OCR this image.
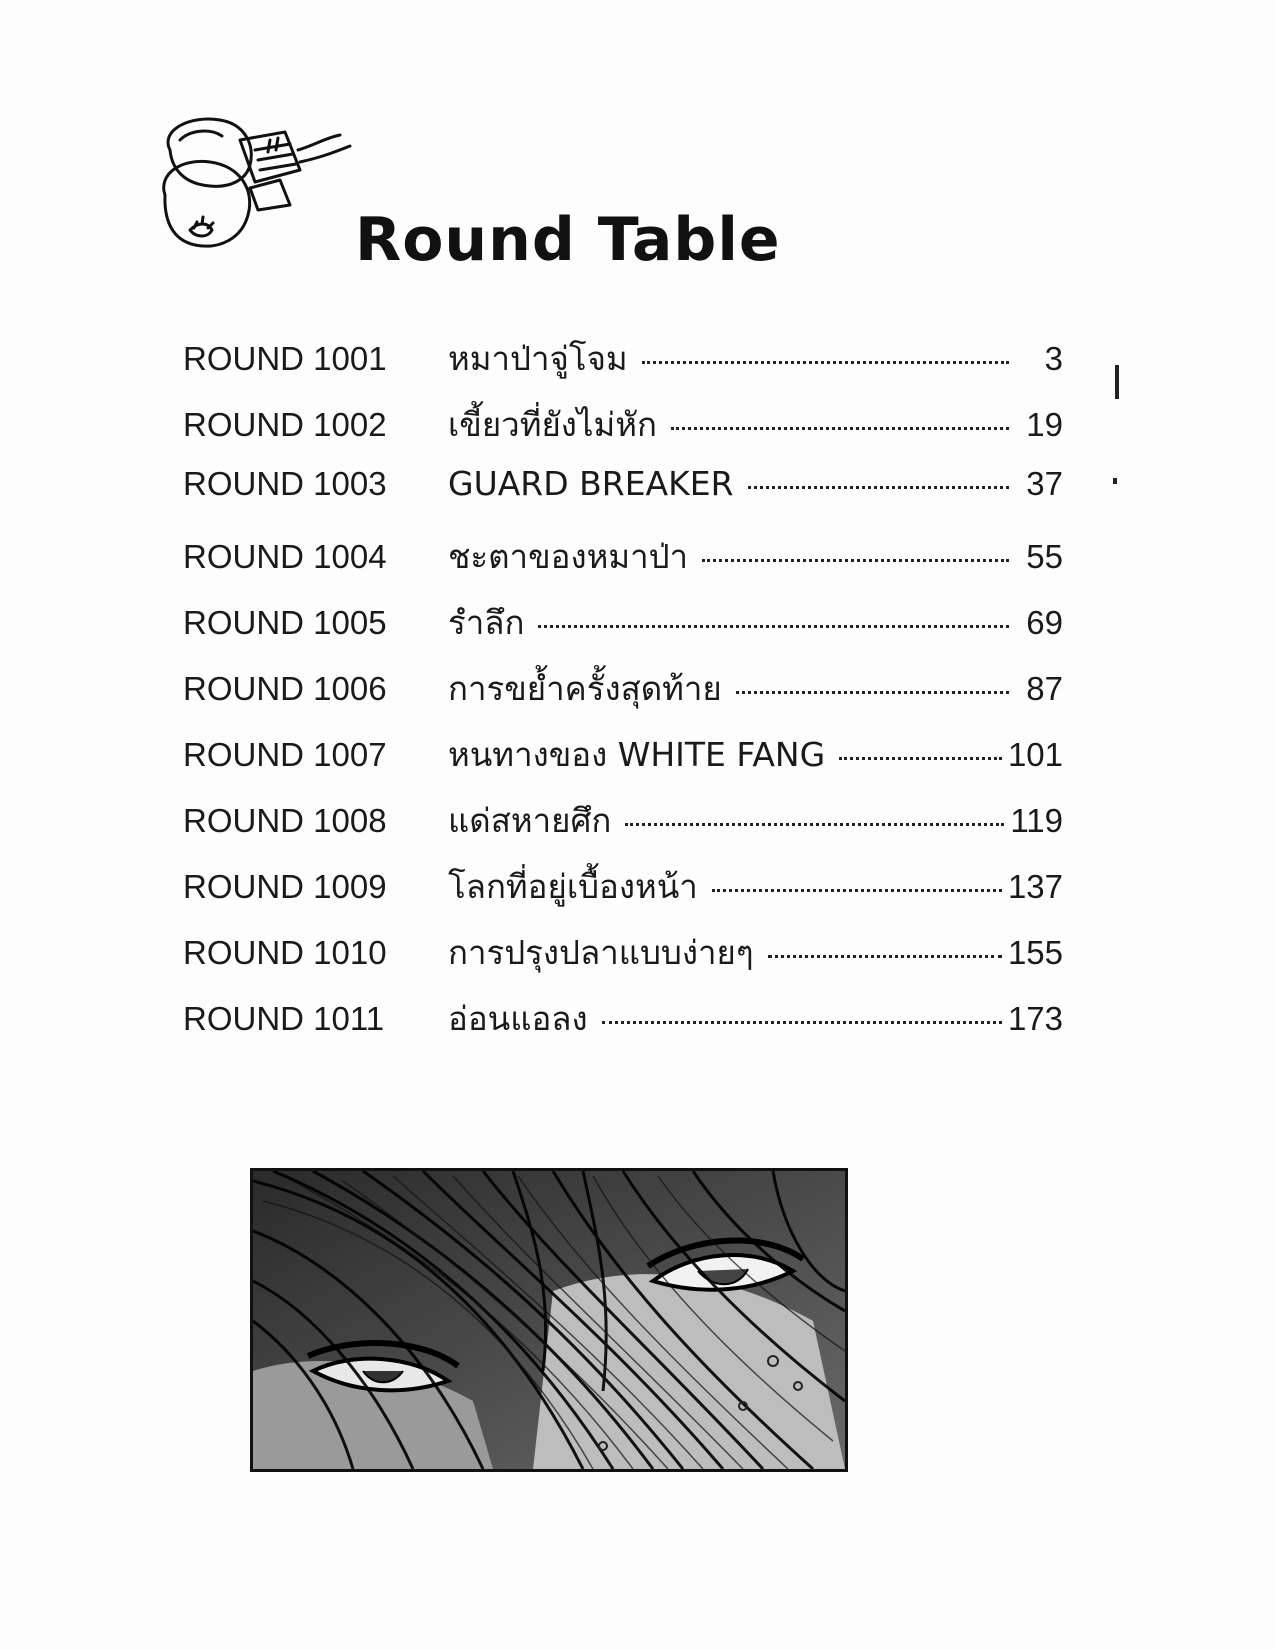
Round Table
ROUND 1001	หมาป่าจู่โจม	3
ROUND 1002	เขี้ยวที่ยังไม่หัก	19
ROUND 1003	GUARD BREAKER	37
ROUND 1004	ชะตาของหมาป่า	55
ROUND 1005	รำลึก	69
ROUND 1006	การขย้ำครั้งสุดท้าย	87
ROUND 1007	หนทางของ WHITE FANG	101
ROUND 1008	แด่สหายศึก	119
ROUND 1009	โลกที่อยู่เบื้องหน้า	137
ROUND 1010	การปรุงปลาแบบง่ายๆ	155
ROUND 1011	อ่อนแอลง	173
